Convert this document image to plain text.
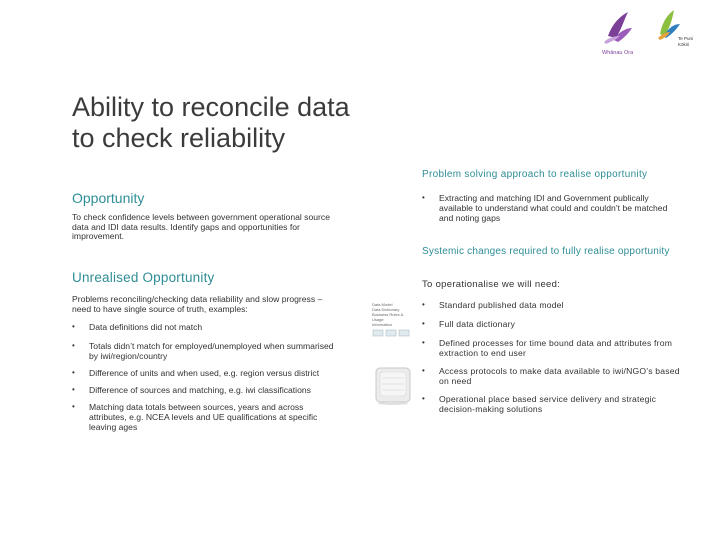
Whānau Ora
Te Puni
Kōkiri
Ability to reconcile data to check reliability
Opportunity
To check confidence levels between government operational source data and IDI data results. Identify gaps and opportunities for improvement.
Unrealised Opportunity
Problems reconciling/checking data reliability and slow progress – need to have single source of truth, examples:
• Data definitions did not match
• Totals didn’t match for employed/unemployed when summarised by iwi/region/country
• Difference of units and when used, e.g. region versus district
• Difference of sources and matching, e.g. iwi classifications
• Matching data totals between sources, years and across attributes, e.g. NCEA levels and UE qualifications at specific leaving ages
Problem solving approach to realise opportunity
• Extracting and matching IDI and Government publically available to understand what could and couldn’t be matched and noting gaps
Systemic changes required to fully realise opportunity
To operationalise we will need:
• Standard published data model
• Full data dictionary
• Defined processes for time bound data and attributes from extraction to end user
• Access protocols to make data available to iwi/NGO’s based on need
• Operational place based service delivery and strategic decision-making solutions
Data Model
Data Dictionary
Business Rules & Usage
Information
